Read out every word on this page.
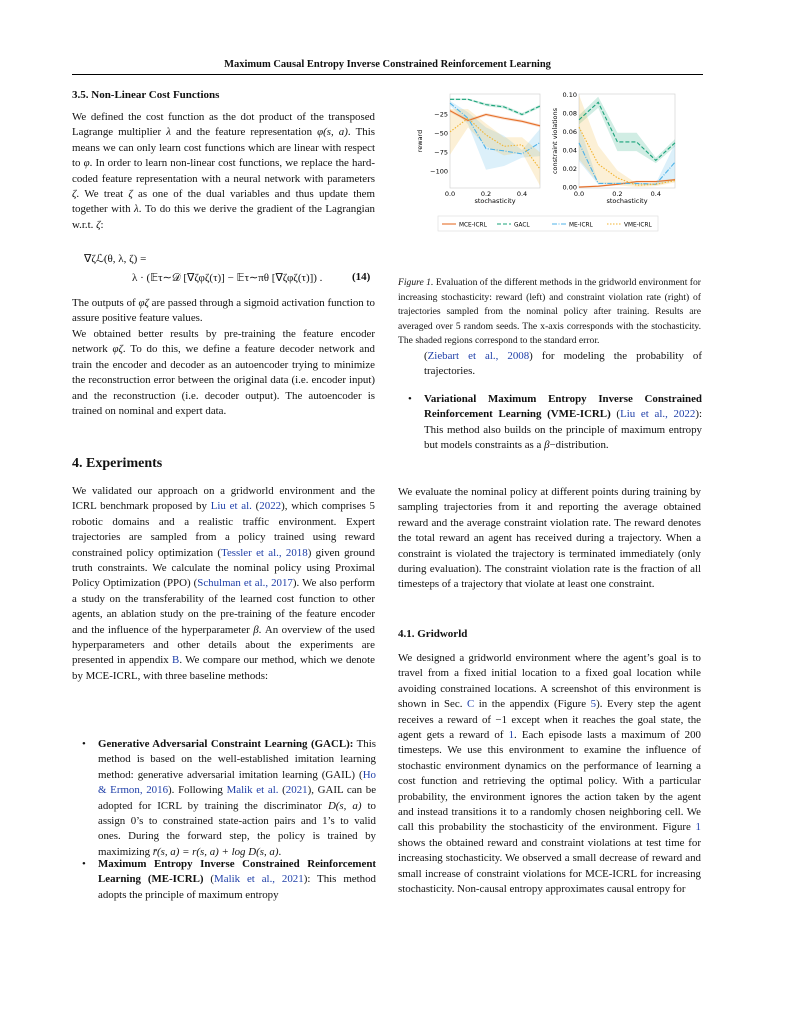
Maximum Causal Entropy Inverse Constrained Reinforcement Learning
3.5. Non-Linear Cost Functions
We defined the cost function as the dot product of the transposed Lagrange multiplier λ and the feature representation φ(s, a). This means we can only learn cost functions which are linear with respect to φ. In order to learn non-linear cost functions, we replace the hard-coded feature representation with a neural network with parameters ζ. We treat ζ as one of the dual variables and thus update them together with λ. To do this we derive the gradient of the Lagrangian w.r.t. ζ:
∇ζℒ(θ, λ, ζ) =
λ · (𝔼τ∼𝒟 [∇ζφζ(τ)] − 𝔼τ∼πθ [∇ζφζ(τ)]) .	(14)
The outputs of φζ are passed through a sigmoid activation function to assure positive feature values.
We obtained better results by pre-training the feature encoder network φζ. To do this, we define a feature decoder network and train the encoder and decoder as an autoencoder trying to minimize the reconstruction error between the original data (i.e. encoder input) and the reconstruction (i.e. decoder output). The autoencoder is trained on nominal and expert data.
4. Experiments
We validated our approach on a gridworld environment and the ICRL benchmark proposed by Liu et al. (2022), which comprises 5 robotic domains and a realistic traffic environment. Expert trajectories are sampled from a policy trained using reward constrained policy optimization (Tessler et al., 2018) given ground truth constraints. We calculate the nominal policy using Proximal Policy Optimization (PPO) (Schulman et al., 2017). We also perform a study on the transferability of the learned cost function to other agents, an ablation study on the pre-training of the feature encoder and the influence of the hyperparameter β. An overview of the used hyperparameters and other details about the experiments are presented in appendix B. We compare our method, which we denote by MCE-ICRL, with three baseline methods:
• Generative Adversarial Constraint Learning (GACL): This method is based on the well-established imitation learning method: generative adversarial imitation learning (GAIL) (Ho & Ermon, 2016). Following Malik et al. (2021), GAIL can be adopted for ICRL by training the discriminator D(s, a) to assign 0’s to constrained state-action pairs and 1’s to valid ones. During the forward step, the policy is trained by maximizing r̄(s, a) = r(s, a) + log D(s, a).
• Maximum Entropy Inverse Constrained Reinforcement Learning (ME-ICRL) (Malik et al., 2021): This method adopts the principle of maximum entropy
0.0	0.2	0.4
−25
−50
−75
−100
stochasticity
reward
0.0	0.2	0.4
0.00
0.02
0.04
0.06
0.08
0.10
stochasticity
constraint violations
MCE-ICRL	GACL	ME-ICRL	VME-ICRL
Figure 1. Evaluation of the different methods in the gridworld environment for increasing stochasticity: reward (left) and constraint violation rate (right) of trajectories sampled from the nominal policy after training. Results are averaged over 5 random seeds. The x-axis corresponds with the stochasticity. The shaded regions correspond to the standard error.
(Ziebart et al., 2008) for modeling the probability of trajectories.
• Variational Maximum Entropy Inverse Constrained Reinforcement Learning (VME-ICRL) (Liu et al., 2022): This method also builds on the principle of maximum entropy but models constraints as a β−distribution.
We evaluate the nominal policy at different points during training by sampling trajectories from it and reporting the average obtained reward and the average constraint violation rate. The reward denotes the total reward an agent has received during a trajectory. When a constraint is violated the trajectory is terminated immediately (only during evaluation). The constraint violation rate is the fraction of all timesteps of a trajectory that violate at least one constraint.
4.1. Gridworld
We designed a gridworld environment where the agent’s goal is to travel from a fixed initial location to a fixed goal location while avoiding constrained locations. A screenshot of this environment is shown in Sec. C in the appendix (Figure 5). Every step the agent receives a reward of −1 except when it reaches the goal state, the agent gets a reward of 1. Each episode lasts a maximum of 200 timesteps. We use this environment to examine the influence of stochastic environment dynamics on the performance of learning a cost function and retrieving the optimal policy. With a particular probability, the environment ignores the action taken by the agent and instead transitions it to a randomly chosen neighboring cell. We call this probability the stochasticity of the environment. Figure 1 shows the obtained reward and constraint violations at test time for increasing stochasticity. We observed a small decrease of reward and small increase of constraint violations for MCE-ICRL for increasing stochasticity. Non-causal entropy approximates causal entropy for
